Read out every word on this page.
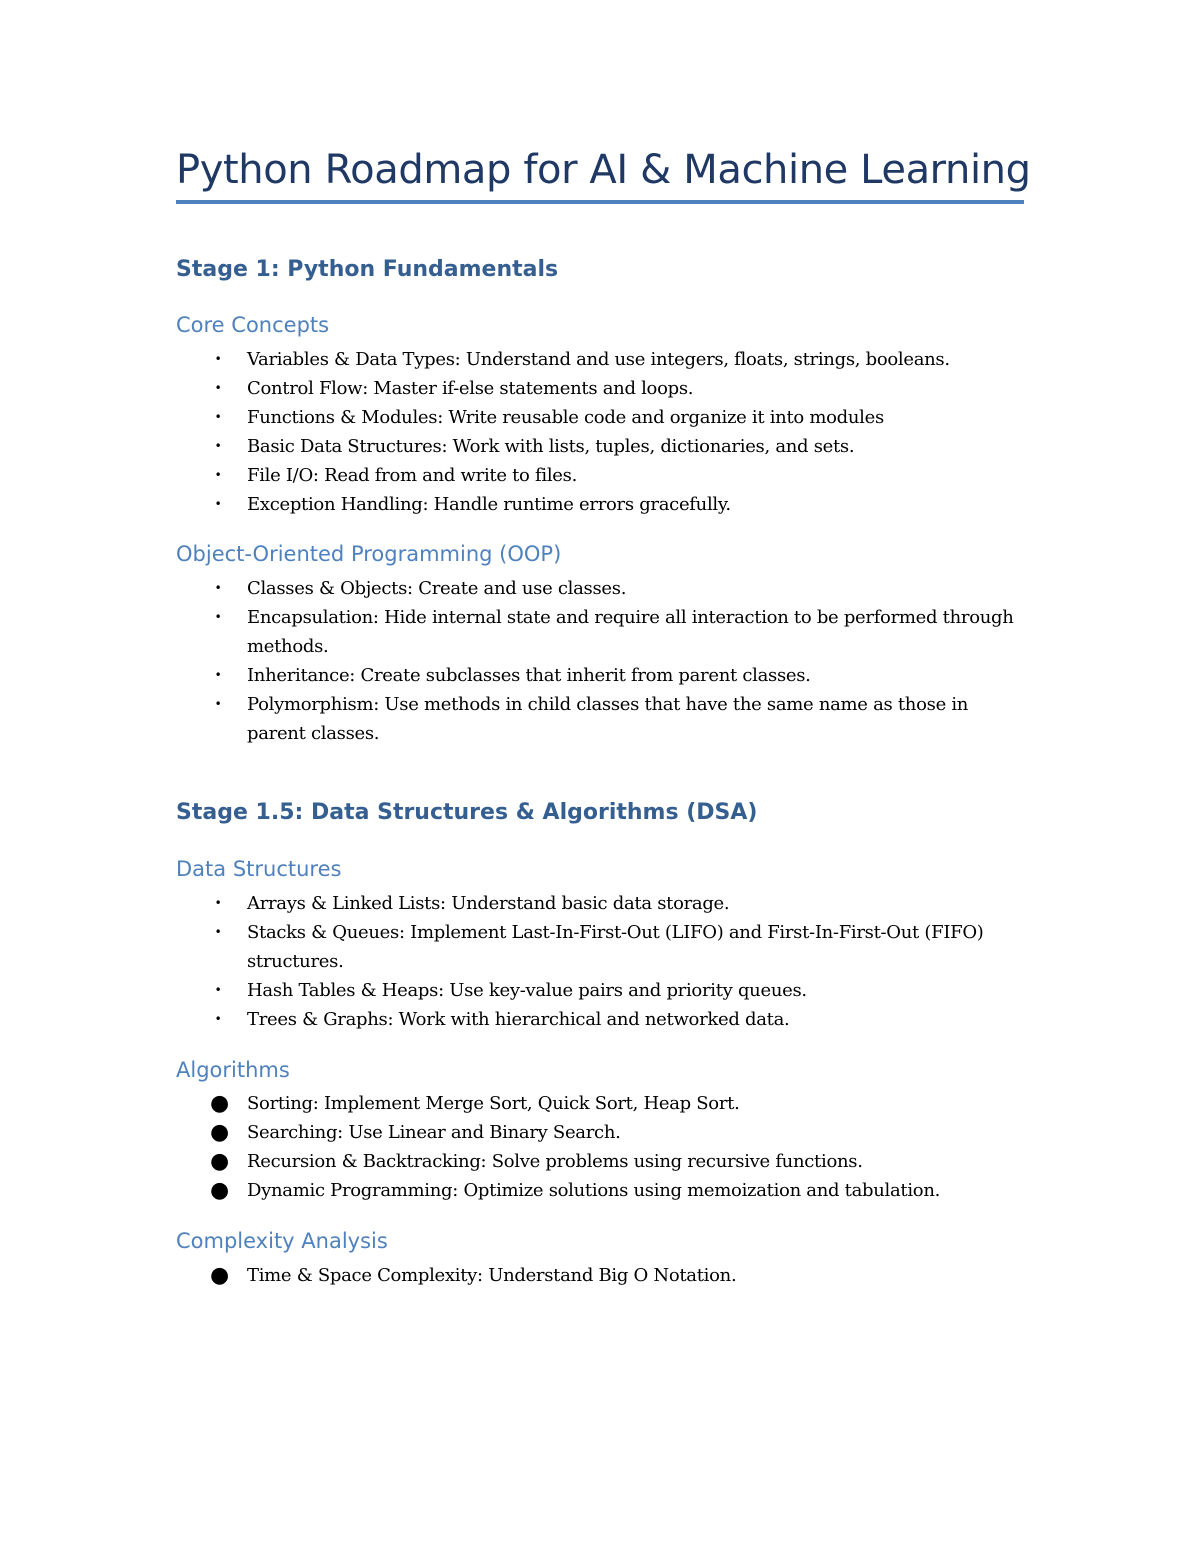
Python Roadmap for AI & Machine Learning
Stage 1: Python Fundamentals
Core Concepts
• Variables & Data Types: Understand and use integers, floats, strings, booleans.
• Control Flow: Master if-else statements and loops.
• Functions & Modules: Write reusable code and organize it into modules
• Basic Data Structures: Work with lists, tuples, dictionaries, and sets.
• File I/O: Read from and write to files.
• Exception Handling: Handle runtime errors gracefully.
Object-Oriented Programming (OOP)
• Classes & Objects: Create and use classes.
• Encapsulation: Hide internal state and require all interaction to be performed through methods.
• Inheritance: Create subclasses that inherit from parent classes.
• Polymorphism: Use methods in child classes that have the same name as those in parent classes.
Stage 1.5: Data Structures & Algorithms (DSA)
Data Structures
• Arrays & Linked Lists: Understand basic data storage.
• Stacks & Queues: Implement Last-In-First-Out (LIFO) and First-In-First-Out (FIFO) structures.
• Hash Tables & Heaps: Use key-value pairs and priority queues.
• Trees & Graphs: Work with hierarchical and networked data.
Algorithms
● Sorting: Implement Merge Sort, Quick Sort, Heap Sort.
● Searching: Use Linear and Binary Search.
● Recursion & Backtracking: Solve problems using recursive functions.
● Dynamic Programming: Optimize solutions using memoization and tabulation.
Complexity Analysis
● Time & Space Complexity: Understand Big O Notation.
